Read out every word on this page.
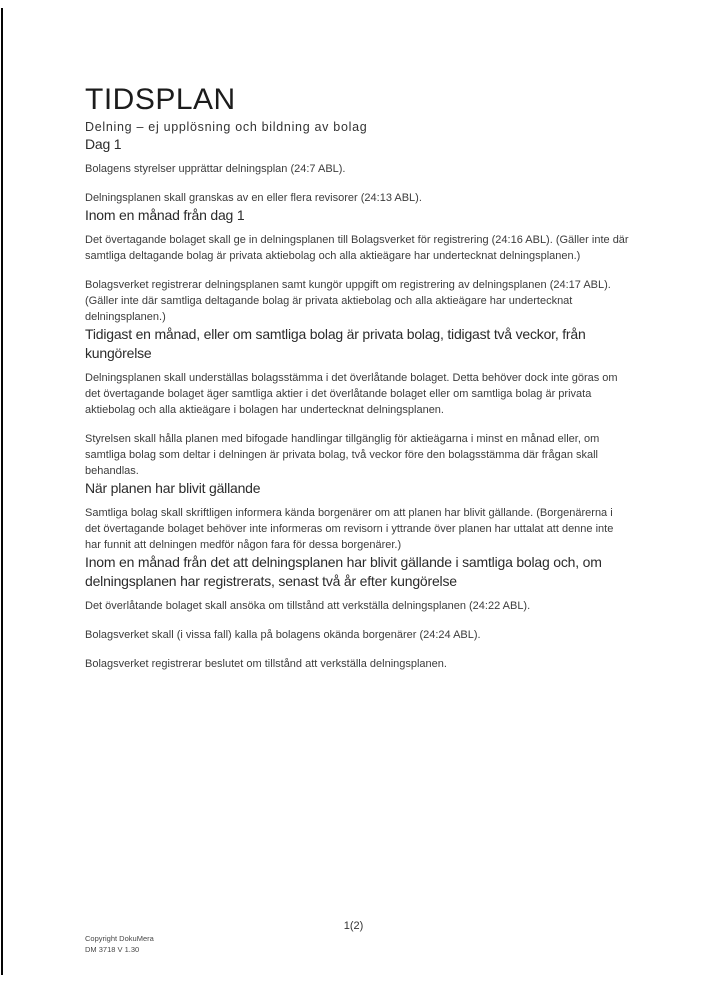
TIDSPLAN
Delning – ej upplösning och bildning av bolag
Dag 1

Bolagens styrelser upprättar delningsplan (24:7 ABL).

Delningsplanen skall granskas av en eller flera revisorer (24:13 ABL).

Inom en månad från dag 1

Det övertagande bolaget skall ge in delningsplanen till Bolagsverket för registrering (24:16 ABL). (Gäller inte där samtliga deltagande bolag är privata aktiebolag och alla aktieägare har undertecknat delningsplanen.)

Bolagsverket registrerar delningsplanen samt kungör uppgift om registrering av delningsplanen (24:17 ABL). (Gäller inte där samtliga deltagande bolag är privata aktiebolag och alla aktieägare har undertecknat delningsplanen.)

Tidigast en månad, eller om samtliga bolag är privata bolag, tidigast två veckor, från kungörelse

Delningsplanen skall underställas bolagsstämma i det överlåtande bolaget. Detta behöver dock inte göras om det övertagande bolaget äger samtliga aktier i det överlåtande bolaget eller om samtliga bolag är privata aktiebolag och alla aktieägare i bolagen har undertecknat delningsplanen.

Styrelsen skall hålla planen med bifogade handlingar tillgänglig för aktieägarna i minst en månad eller, om samtliga bolag som deltar i delningen är privata bolag, två veckor före den bolagsstämma där frågan skall behandlas.

När planen har blivit gällande

Samtliga bolag skall skriftligen informera kända borgenärer om att planen har blivit gällande. (Borgenärerna i det övertagande bolaget behöver inte informeras om revisorn i yttrande över planen har uttalat att denne inte har funnit att delningen medför någon fara för dessa borgenärer.)

Inom en månad från det att delningsplanen har blivit gällande i samtliga bolag och, om delningsplanen har registrerats, senast två år efter kungörelse

Det överlåtande bolaget skall ansöka om tillstånd att verkställa delningsplanen (24:22 ABL).

Bolagsverket skall (i vissa fall) kalla på bolagens okända borgenärer (24:24 ABL).

Bolagsverket registrerar beslutet om tillstånd att verkställa delningsplanen.

1(2)
Copyright DokuMera
DM 3718 V 1.30
